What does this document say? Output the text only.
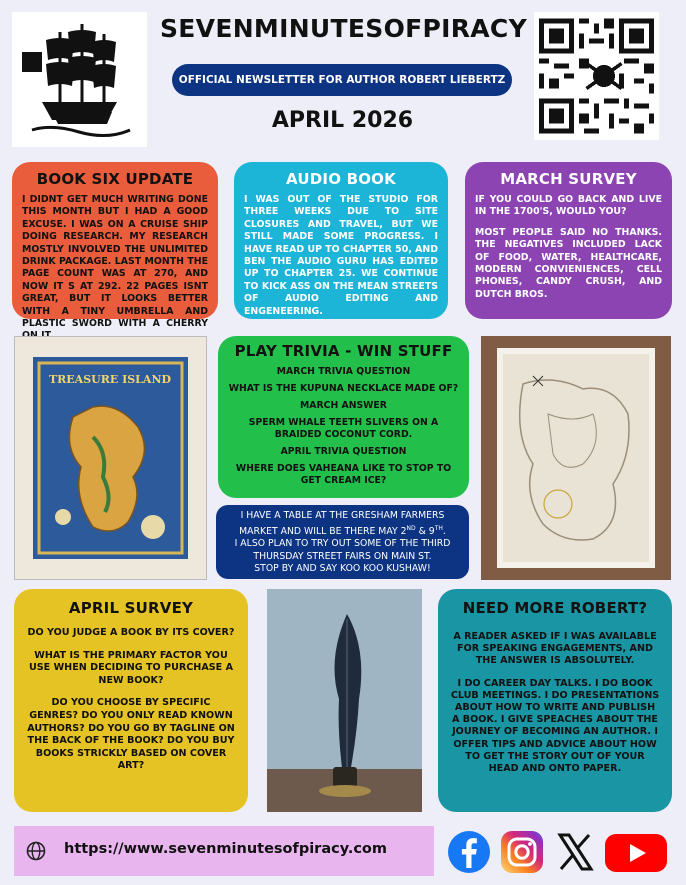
SEVENMINUTESOFPIRACY
OFFICIAL NEWSLETTER FOR AUTHOR ROBERT LIEBERTZ
APRIL 2026
BOOK SIX UPDATE

I DIDNT GET MUCH WRITING DONE THIS MONTH BUT I HAD A GOOD EXCUSE. I WAS ON A CRUISE SHIP DOING RESEARCH. MY RESEARCH MOSTLY INVOLVED THE UNLIMITED DRINK PACKAGE. LAST MONTH THE PAGE COUNT WAS AT 270, AND NOW IT S AT 292. 22 PAGES ISNT GREAT, BUT IT LOOKS BETTER WITH A TINY UMBRELLA AND PLASTIC SWORD WITH A CHERRY

AUDIO BOOK

I WAS OUT OF THE STUDIO FOR THREE WEEKS DUE TO SITE CLOSURES AND TRAVEL, BUT WE STILL MADE SOME PROGRESS. I HAVE READ UP TO CHAPTER 50, AND BEN THE AUDIO GURU HAS EDITED UP TO CHAPTER 25. WE CONTINUE TO KICK ASS ON THE MEAN STREETS OF AUDIO EDITING AND ENGENEERING.

MARCH SURVEY

IF YOU COULD GO BACK AND LIVE IN THE 1700'S, WOULD YOU?

MOST PEOPLE SAID NO THANKS. THE NEGATIVES INCLUDED LACK OF FOOD, WATER, HEALTHCARE, MODERN CONVIENIENCES, CELL PHONES, CANDY CRUSH, AND DUTCH BROS.

TREASURE ISLAND
PLAY TRIVIA - WIN STUFF

MARCH TRIVIA QUESTION

WHAT IS THE KUPUNA NECKLACE MADE OF?

MARCH ANSWER

SPERM WHALE TEETH SLIVERS ON A BRAIDED COCONUT CORD.

APRIL TRIVIA QUESTION

WHERE DOES VAHEANA LIKE TO STOP TO GET CREAM ICE?

I HAVE A TABLE AT THE GRESHAM FARMERS MARKET AND WILL BE THERE MAY 2ND & 9TH.

I ALSO PLAN TO TRY OUT SOME OF THE THIRD THURSDAY STREET FAIRS ON MAIN ST.

STOP BY AND SAY KOO KOO KUSHAW!

APRIL SURVEY

DO YOU JUDGE A BOOK BY ITS COVER?

WHAT IS THE PRIMARY FACTOR YOU USE WHEN DECIDING TO PURCHASE A NEW BOOK?

DO YOU CHOOSE BY SPECIFIC GENRES? DO YOU ONLY READ KNOWN AUTHORS? DO YOU GO BY TAGLINE ON THE BACK OF THE BOOK? DO YOU BUY BOOKS STRICKLY BASED ON COVER ART?

NEED MORE ROBERT?

A READER ASKED IF I WAS AVAILABLE FOR SPEAKING ENGAGEMENTS, AND THE ANSWER IS ABSOLUTELY.

I DO CAREER DAY TALKS. I DO BOOK CLUB MEETINGS. I DO PRESENTATIONS ABOUT HOW TO WRITE AND PUBLISH A BOOK. I GIVE SPEACHES ABOUT THE JOURNEY OF BECOMING AN AUTHOR. I OFFER TIPS AND ADVICE ABOUT HOW TO GET THE STORY OUT OF YOUR HEAD AND ONTO PAPER.

https://www.sevenminutesofpiracy.com
